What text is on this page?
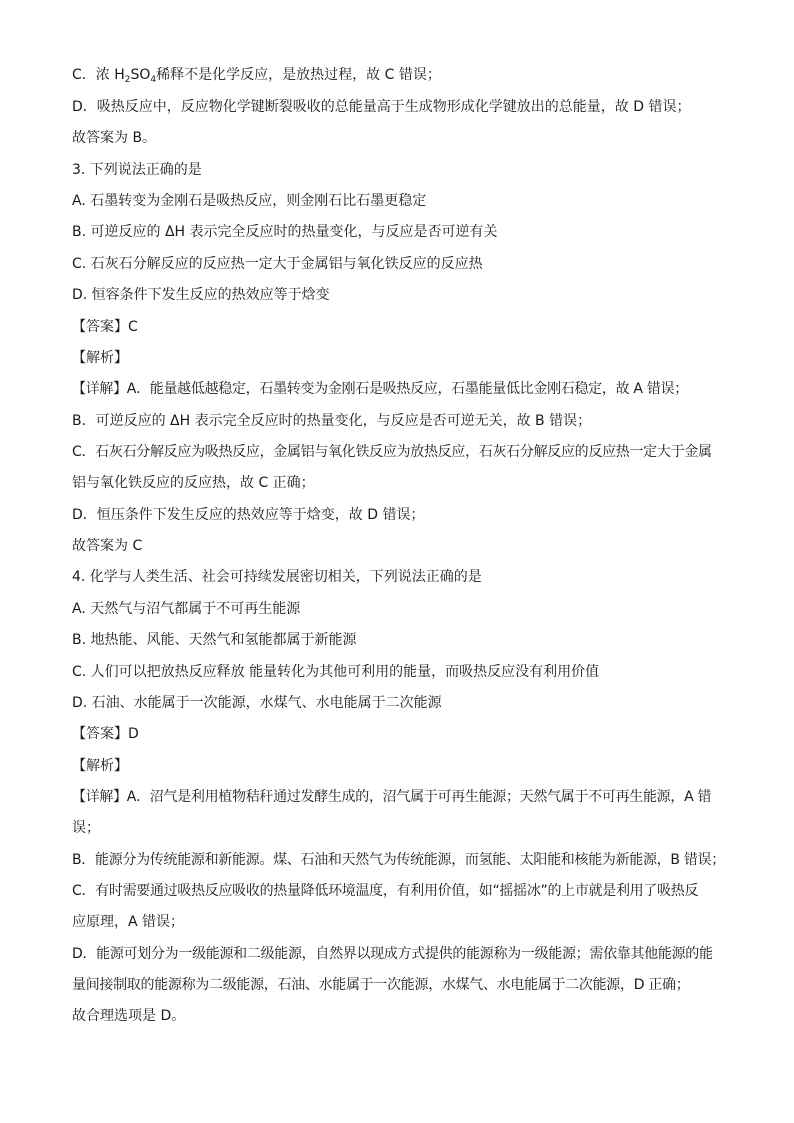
C．浓 $H_2SO_4$稀释不是化学反应，是放热过程，故 C 错误；
D．吸热反应中，反应物化学键断裂吸收的总能量高于生成物形成化学键放出的总能量，故 D 错误；
故答案为 B。
3. 下列说法正确的是
A. 石墨转变为金刚石是吸热反应，则金刚石比石墨更稳定
B. 可逆反应的 ΔH 表示完全反应时的热量变化，与反应是否可逆有关
C. 石灰石分解反应的反应热一定大于金属铝与氧化铁反应的反应热
D. 恒容条件下发生反应的热效应等于焓变
【答案】C
【解析】
【详解】A．能量越低越稳定，石墨转变为金刚石是吸热反应，石墨能量低比金刚石稳定，故 A 错误；
B．可逆反应的 ΔH 表示完全反应时的热量变化，与反应是否可逆无关，故 B 错误；
C．石灰石分解反应为吸热反应，金属铝与氧化铁反应为放热反应，石灰石分解反应的反应热一定大于金属
铝与氧化铁反应的反应热，故 C 正确；
D．恒压条件下发生反应的热效应等于焓变，故 D 错误；
故答案为 C
4. 化学与人类生活、社会可持续发展密切相关，下列说法正确的是
A. 天然气与沼气都属于不可再生能源
B. 地热能、风能、天然气和氢能都属于新能源
C. 人们可以把放热反应释放 能量转化为其他可利用的能量，而吸热反应没有利用价值
D. 石油、水能属于一次能源，水煤气、水电能属于二次能源
【答案】D
【解析】
【详解】A．沼气是利用植物秸秆通过发酵生成的，沼气属于可再生能源；天然气属于不可再生能源，A 错
误；
B．能源分为传统能源和新能源。煤、石油和天然气为传统能源，而氢能、太阳能和核能为新能源，B 错误；
C．有时需要通过吸热反应吸收的热量降低环境温度，有利用价值，如“摇摇冰”的上市就是利用了吸热反
应原理，A 错误；
D．能源可划分为一级能源和二级能源，自然界以现成方式提供的能源称为一级能源；需依靠其他能源的能
量间接制取的能源称为二级能源，石油、水能属于一次能源，水煤气、水电能属于二次能源，D 正确；
故合理选项是 D。
